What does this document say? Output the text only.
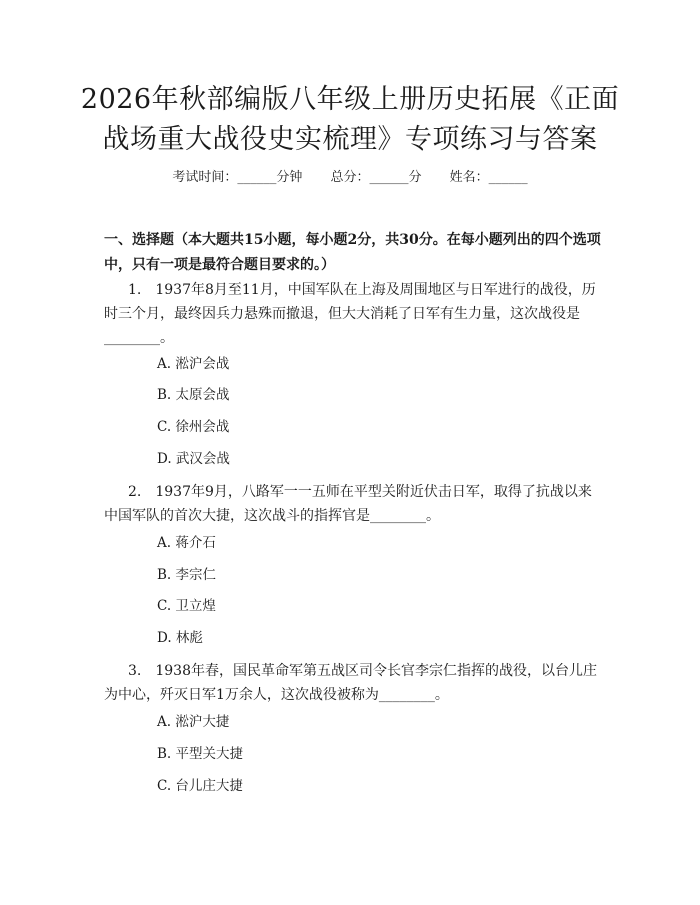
2026年秋部编版八年级上册历史拓展《正面
战场重大战役史实梳理》专项练习与答案
考试时间：______分钟 总分：______分 姓名：______
一、选择题（本大题共15小题，每小题2分，共30分。在每小题列出的四个选项中，只有一项是最符合题目要求的。）
1.　1937年8月至11月，中国军队在上海及周围地区与日军进行的战役，历时三个月，最终因兵力悬殊而撤退，但大大消耗了日军有生力量，这次战役是________。
A. 淞沪会战
B. 太原会战
C. 徐州会战
D. 武汉会战
2.　1937年9月，八路军一一五师在平型关附近伏击日军，取得了抗战以来中国军队的首次大捷，这次战斗的指挥官是________。
A. 蒋介石
B. 李宗仁
C. 卫立煌
D. 林彪
3.　1938年春，国民革命军第五战区司令长官李宗仁指挥的战役，以台儿庄为中心，歼灭日军1万余人，这次战役被称为________。
A. 淞沪大捷
B. 平型关大捷
C. 台儿庄大捷
